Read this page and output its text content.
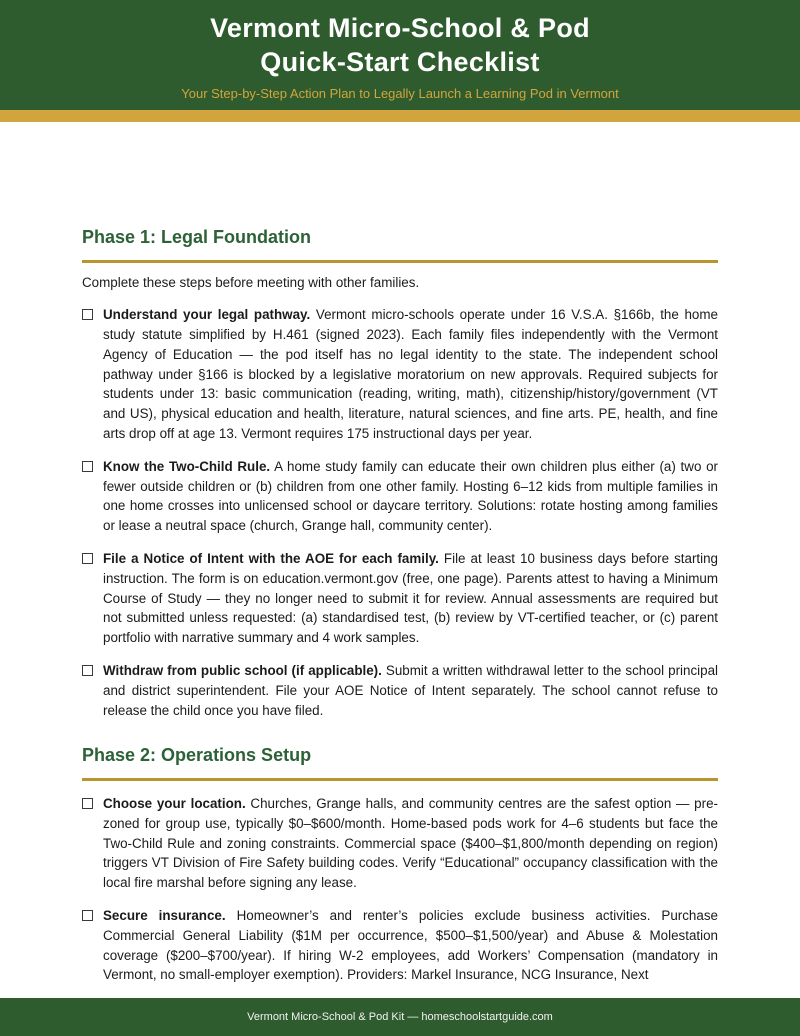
Vermont Micro-School & Pod
Quick-Start Checklist
Your Step-by-Step Action Plan to Legally Launch a Learning Pod in Vermont
Phase 1: Legal Foundation

Complete these steps before meeting with other families.

Understand your legal pathway. Vermont micro-schools operate under 16 V.S.A. §166b, the home study statute simplified by H.461 (signed 2023). Each family files independently with the Vermont Agency of Education — the pod itself has no legal identity to the state. The independent school pathway under §166 is blocked by a legislative moratorium on new approvals. Required subjects for students under 13: basic communication (reading, writing, math), citizenship/history/government (VT and US), physical education and health, literature, natural sciences, and fine arts. PE, health, and fine arts drop off at age 13. Vermont requires 175 instructional days per year.

Know the Two-Child Rule. A home study family can educate their own children plus either (a) two or fewer outside children or (b) children from one other family. Hosting 6–12 kids from multiple families in one home crosses into unlicensed school or daycare territory. Solutions: rotate hosting among families or lease a neutral space (church, Grange hall, community center).

File a Notice of Intent with the AOE for each family. File at least 10 business days before starting instruction. The form is on education.vermont.gov (free, one page). Parents attest to having a Minimum Course of Study — they no longer need to submit it for review. Annual assessments are required but not submitted unless requested: (a) standardised test, (b) review by VT-certified teacher, or (c) parent portfolio with narrative summary and 4 work samples.

Withdraw from public school (if applicable). Submit a written withdrawal letter to the school principal and district superintendent. File your AOE Notice of Intent separately. The school cannot refuse to release the child once you have filed.

Phase 2: Operations Setup

Choose your location. Churches, Grange halls, and community centres are the safest option — pre-zoned for group use, typically $0–$600/month. Home-based pods work for 4–6 students but face the Two-Child Rule and zoning constraints. Commercial space ($400–$1,800/month depending on region) triggers VT Division of Fire Safety building codes. Verify “Educational” occupancy classification with the local fire marshal before signing any lease.

Secure insurance. Homeowner’s and renter’s policies exclude business activities. Purchase Commercial General Liability ($1M per occurrence, $500–$1,500/year) and Abuse & Molestation coverage ($200–$700/year). If hiring W-2 employees, add Workers’ Compensation (mandatory in Vermont, no small-employer exemption). Providers: Markel Insurance, NCG Insurance, Next

Vermont Micro-School & Pod Kit — homeschoolstartguide.com
